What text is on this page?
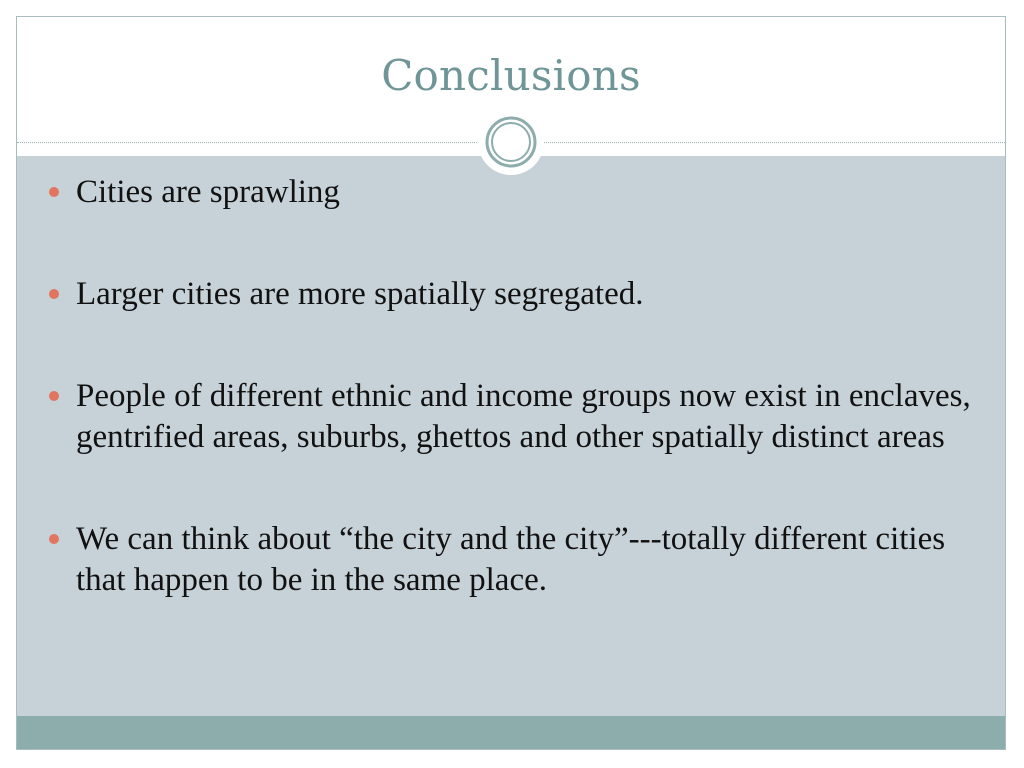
Conclusions
Cities are sprawling
Larger cities are more spatially segregated.
People of different ethnic and income groups now exist in enclaves, gentrified areas, suburbs, ghettos and other spatially distinct areas
We can think about “the city and the city”---totally different cities that happen to be in the same place.
